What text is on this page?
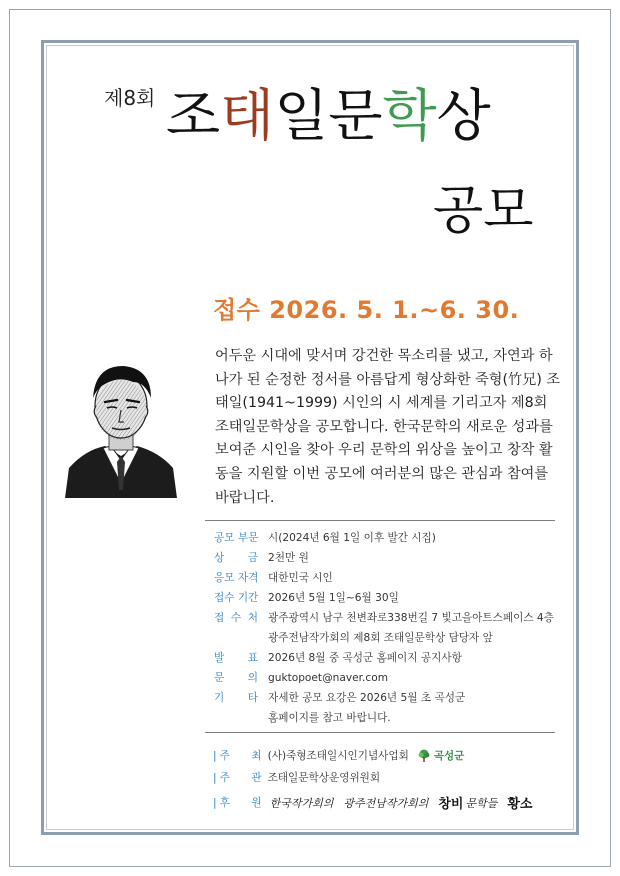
제8회 조태일문학상
공모
접수 2026. 5. 1.~6. 30.
어두운 시대에 맞서며 강건한 목소리를 냈고, 자연과 하나가 된 순정한 정서를 아름답게 형상화한 죽형(竹兄) 조태일(1941~1999) 시인의 시 세계를 기리고자 제8회 조태일문학상을 공모합니다. 한국문학의 새로운 성과를 보여준 시인을 찾아 우리 문학의 위상을 높이고 창작 활동을 지원할 이번 공모에 여러분의 많은 관심과 참여를 바랍니다.
공모 부문 시(2024년 6월 1일 이후 발간 시집)
상 금 2천만 원
응모 자격 대한민국 시인
접수 기간 2026년 5월 1일~6월 30일
접 수 처 광주광역시 남구 천변좌로338번길 7 빛고을아트스페이스 4층
광주전남작가회의 제8회 조태일문학상 담당자 앞
발 표 2026년 8월 중 곡성군 홈페이지 공지사항
문 의 guktopoet@naver.com
기 타 자세한 공모 요강은 2026년 5월 초 곡성군
홈페이지를 참고 바랍니다.
| 주 최 (사)죽형조태일시인기념사업회 곡성군
| 주 관 조태일문학상운영위원회
| 후 원 한국작가회의 광주전남작가회의 창비 문학들 황소
